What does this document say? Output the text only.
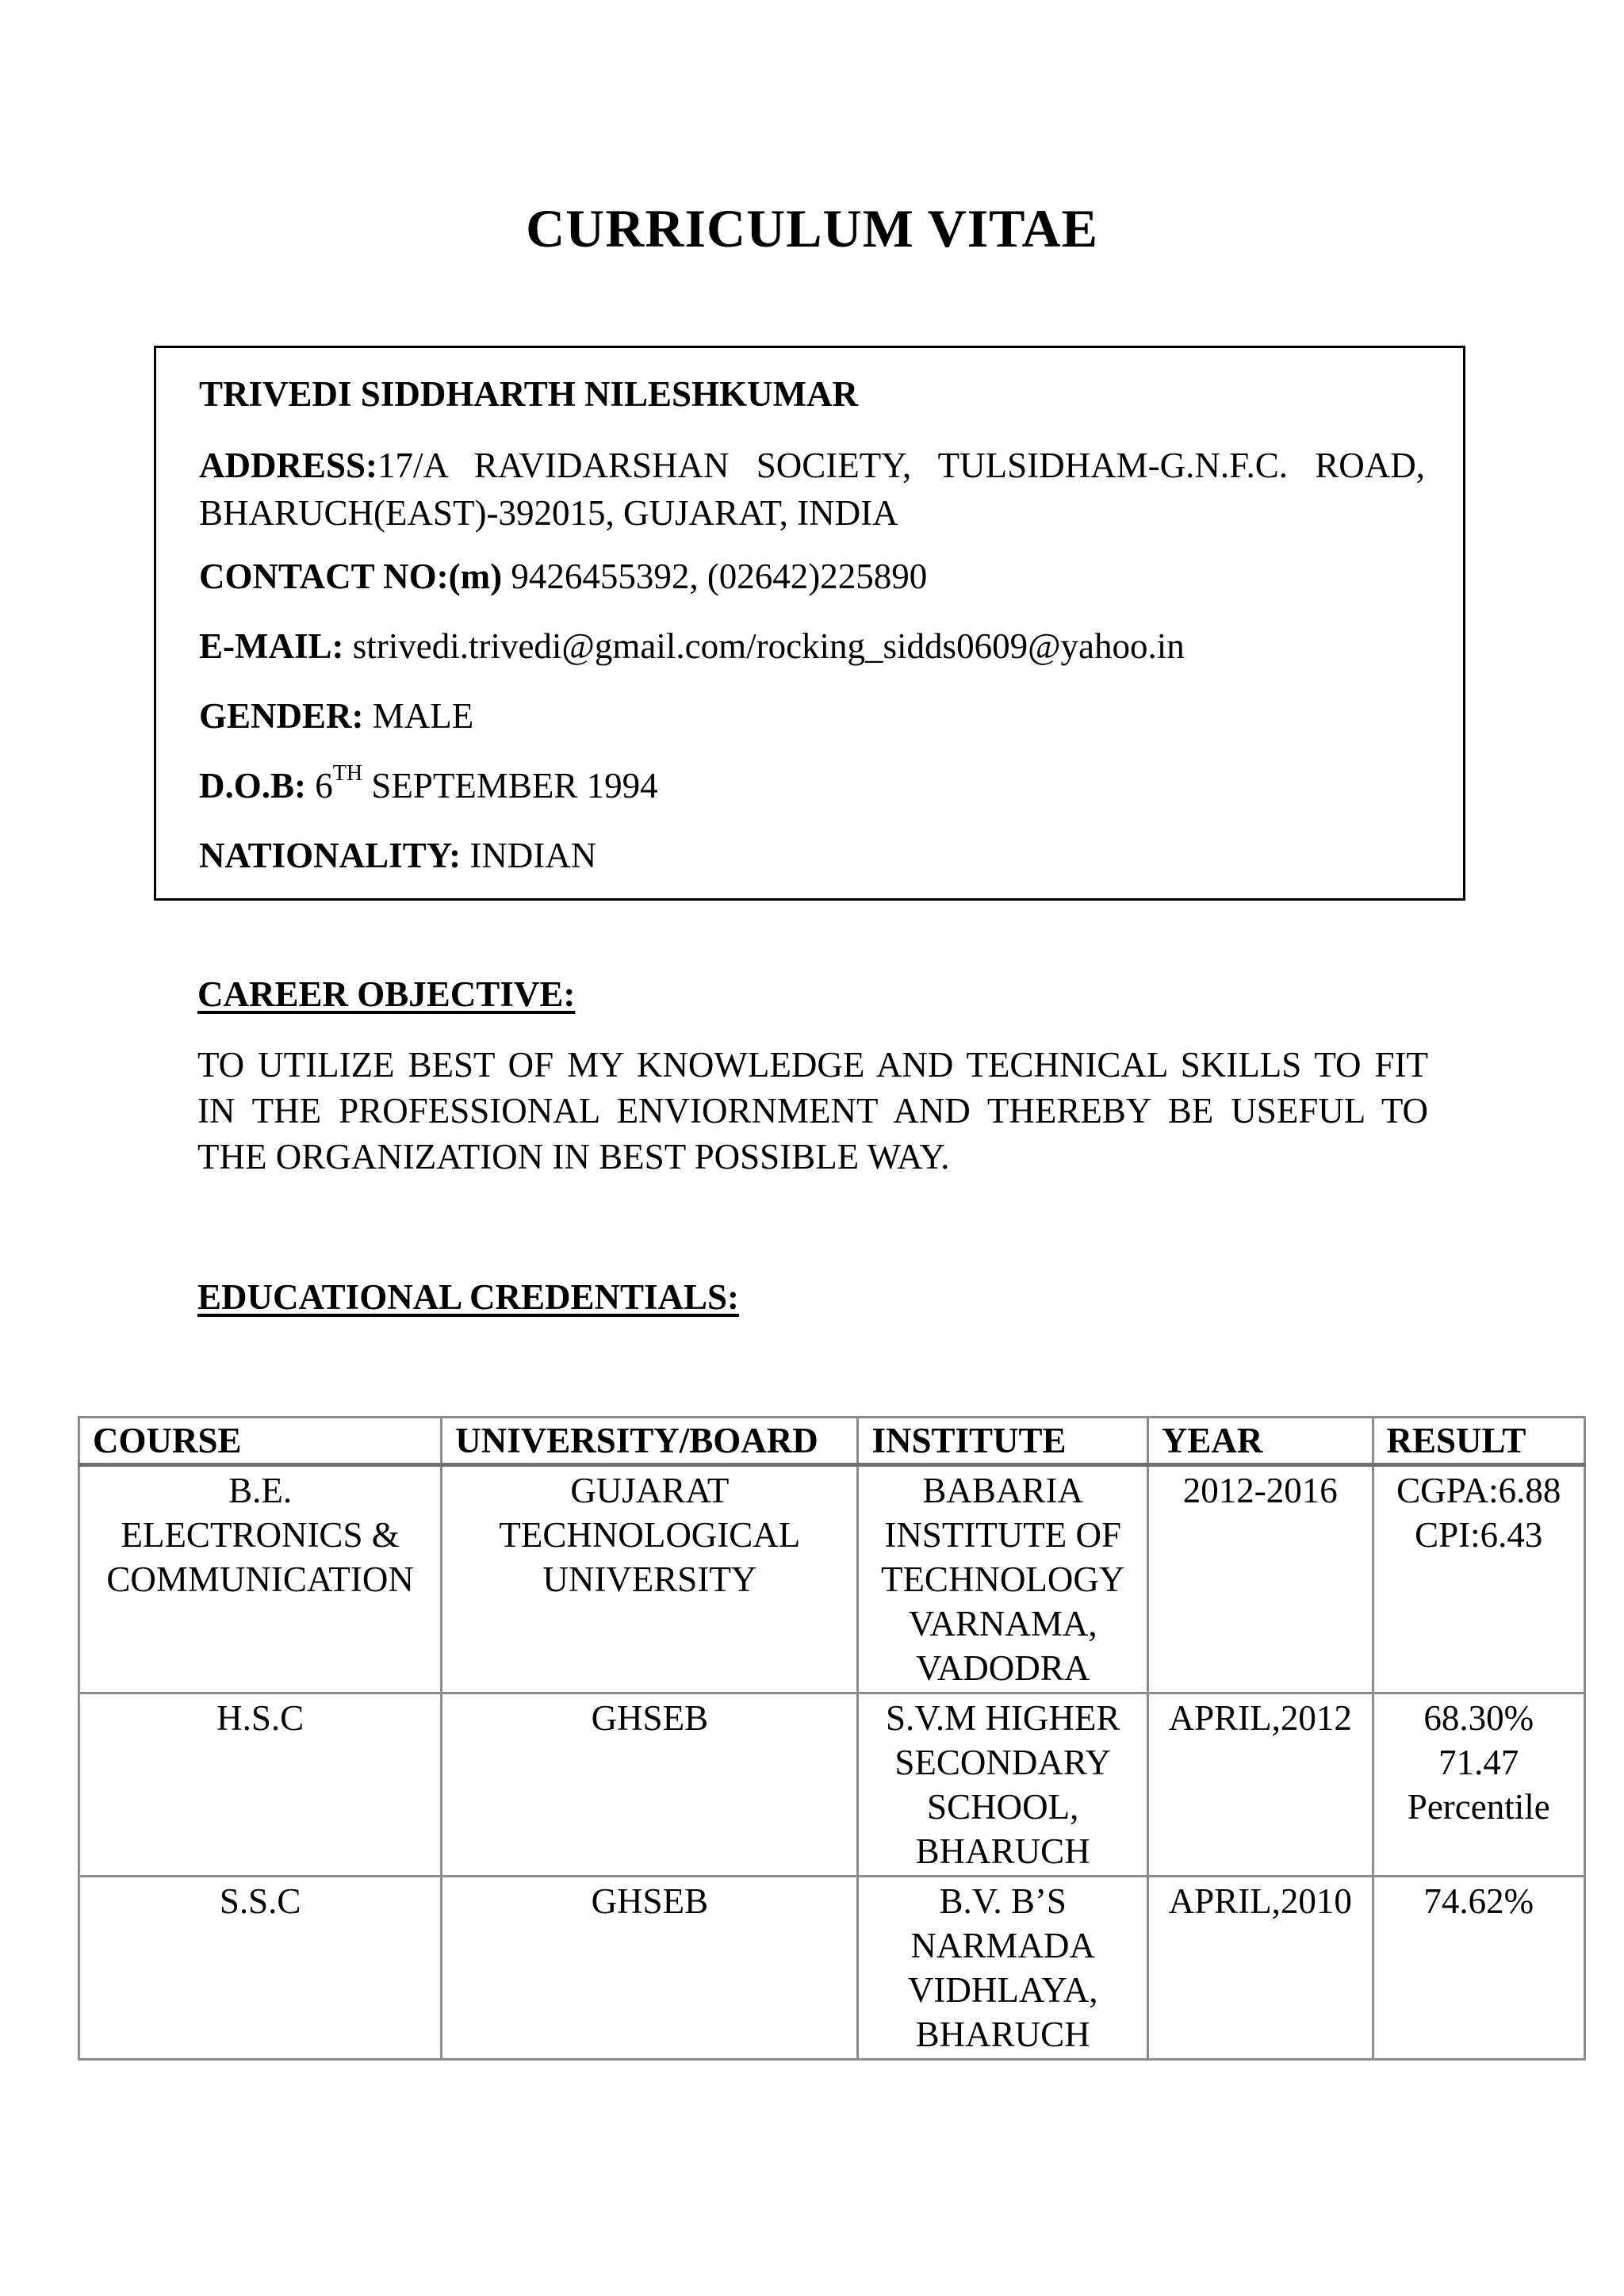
CURRICULUM VITAE

TRIVEDI SIDDHARTH NILESHKUMAR

ADDRESS:17/A RAVIDARSHAN SOCIETY, TULSIDHAM-G.N.F.C. ROAD, BHARUCH(EAST)-392015, GUJARAT, INDIA

CONTACT NO:(m) 9426455392, (02642)225890

E-MAIL: strivedi.trivedi@gmail.com/rocking_sidds0609@yahoo.in

GENDER: MALE

D.O.B: 6TH SEPTEMBER 1994

NATIONALITY: INDIAN

CAREER OBJECTIVE:

TO UTILIZE BEST OF MY KNOWLEDGE AND TECHNICAL SKILLS TO FIT IN THE PROFESSIONAL ENVIORNMENT AND THEREBY BE USEFUL TO THE ORGANIZATION IN BEST POSSIBLE WAY.

EDUCATIONAL CREDENTIALS:
COURSE	UNIVERSITY/BOARD	INSTITUTE	YEAR	RESULT

B.E.
ELECTRONICS &
COMMUNICATION	GUJARAT
TECHNOLOGICAL
UNIVERSITY	BABARIA
INSTITUTE OF
TECHNOLOGY
VARNAMA,
VADODRA	2012-2016	CGPA:6.88
CPI:6.43

H.S.C	GHSEB	S.V.M HIGHER
SECONDARY
SCHOOL,
BHARUCH	APRIL,2012	68.30%
71.47
Percentile

S.S.C	GHSEB	B.V. B’S
NARMADA
VIDHLAYA,
BHARUCH	APRIL,2010	74.62%
